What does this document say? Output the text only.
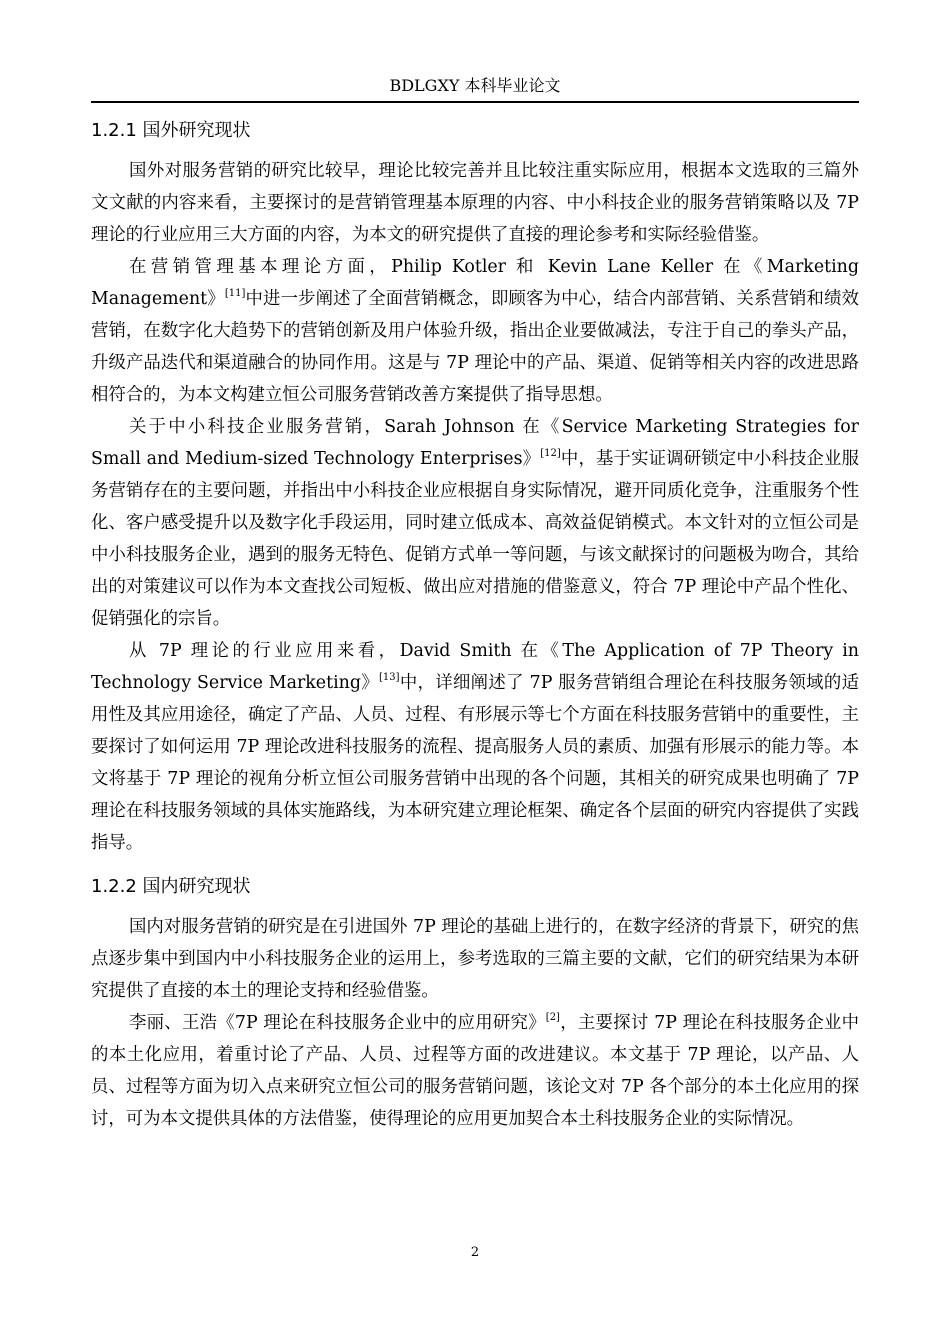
BDLGXY 本科毕业论文
1.2.1 国外研究现状

国外对服务营销的研究比较早，理论比较完善并且比较注重实际应用，根据本文选取的三篇外文文献的内容来看，主要探讨的是营销管理基本原理的内容、中小科技企业的服务营销策略以及 7P 理论的行业应用三大方面的内容，为本文的研究提供了直接的理论参考和实际经验借鉴。

在营销管理基本理论方面，Philip Kotler 和 Kevin Lane Keller 在《Marketing Management》[11]中进一步阐述了全面营销概念，即顾客为中心，结合内部营销、关系营销和绩效营销，在数字化大趋势下的营销创新及用户体验升级，指出企业要做减法，专注于自己的拳头产品，升级产品迭代和渠道融合的协同作用。这是与 7P 理论中的产品、渠道、促销等相关内容的改进思路相符合的，为本文构建立恒公司服务营销改善方案提供了指导思想。

关于中小科技企业服务营销，Sarah Johnson 在《Service Marketing Strategies for Small and Medium-sized Technology Enterprises》[12]中，基于实证调研锁定中小科技企业服务营销存在的主要问题，并指出中小科技企业应根据自身实际情况，避开同质化竞争，注重服务个性化、客户感受提升以及数字化手段运用，同时建立低成本、高效益促销模式。本文针对的立恒公司是中小科技服务企业，遇到的服务无特色、促销方式单一等问题，与该文献探讨的问题极为吻合，其给出的对策建议可以作为本文查找公司短板、做出应对措施的借鉴意义，符合 7P 理论中产品个性化、促销强化的宗旨。

从 7P 理论的行业应用来看，David Smith 在《The Application of 7P Theory in Technology Service Marketing》[13]中，详细阐述了 7P 服务营销组合理论在科技服务领域的适用性及其应用途径，确定了产品、人员、过程、有形展示等七个方面在科技服务营销中的重要性，主要探讨了如何运用 7P 理论改进科技服务的流程、提高服务人员的素质、加强有形展示的能力等。本文将基于 7P 理论的视角分析立恒公司服务营销中出现的各个问题，其相关的研究成果也明确了 7P 理论在科技服务领域的具体实施路线，为本研究建立理论框架、确定各个层面的研究内容提供了实践指导。

1.2.2 国内研究现状

国内对服务营销的研究是在引进国外 7P 理论的基础上进行的，在数字经济的背景下，研究的焦点逐步集中到国内中小科技服务企业的运用上，参考选取的三篇主要的文献，它们的研究结果为本研究提供了直接的本土的理论支持和经验借鉴。

李丽、王浩《7P 理论在科技服务企业中的应用研究》[2]，主要探讨 7P 理论在科技服务企业中的本土化应用，着重讨论了产品、人员、过程等方面的改进建议。本文基于 7P 理论，以产品、人员、过程等方面为切入点来研究立恒公司的服务营销问题，该论文对 7P 各个部分的本土化应用的探讨，可为本文提供具体的方法借鉴，使得理论的应用更加契合本土科技服务企业的实际情况。

2
